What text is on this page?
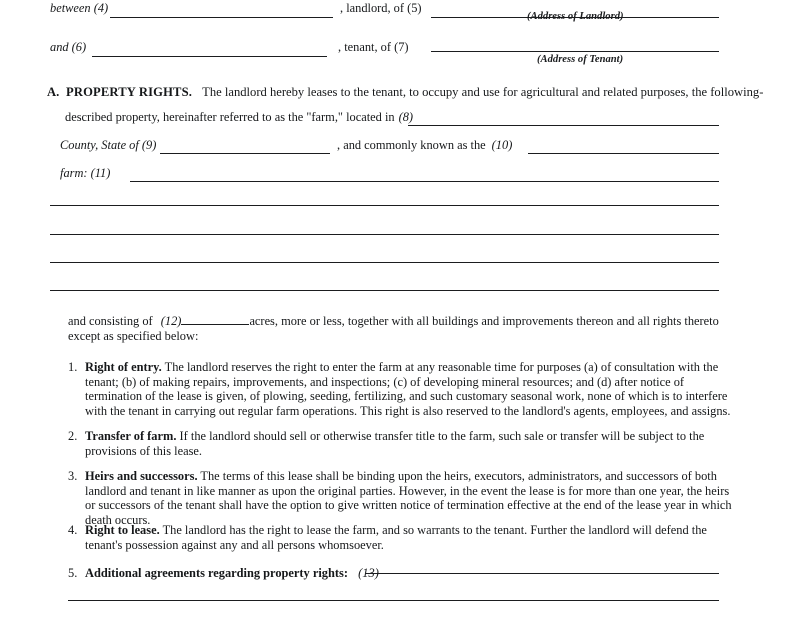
between (4)	, landlord, of (5)
(Address of Landlord)
and (6)	, tenant, of (7)
(Address of Tenant)
A. PROPERTY RIGHTS. The landlord hereby leases to the tenant, to occupy and use for agricultural and related purposes, the following-
described property, hereinafter referred to as the "farm," located in (8)
County, State of (9)	, and commonly known as the (10)
farm: (11)
and consisting of (12)	acres, more or less, together with all buildings and improvements thereon and all rights thereto
except as specified below:
1. Right of entry. The landlord reserves the right to enter the farm at any reasonable time for purposes (a) of consultation with the tenant; (b) of making repairs, improvements, and inspections; (c) of developing mineral resources; and (d) after notice of termination of the lease is given, of plowing, seeding, fertilizing, and such customary seasonal work, none of which is to interfere with the tenant in carrying out regular farm operations. This right is also reserved to the landlord's agents, employees, and assigns.
2. Transfer of farm. If the landlord should sell or otherwise transfer title to the farm, such sale or transfer will be subject to the provisions of this lease.
3. Heirs and successors. The terms of this lease shall be binding upon the heirs, executors, administrators, and successors of both landlord and tenant in like manner as upon the original parties. However, in the event the lease is for more than one year, the heirs or successors of the tenant shall have the option to give written notice of termination effective at the end of the lease year in which death occurs.
4. Right to lease. The landlord has the right to lease the farm, and so warrants to the tenant. Further the landlord will defend the tenant's possession against any and all persons whomsoever.
5. Additional agreements regarding property rights: (13)
